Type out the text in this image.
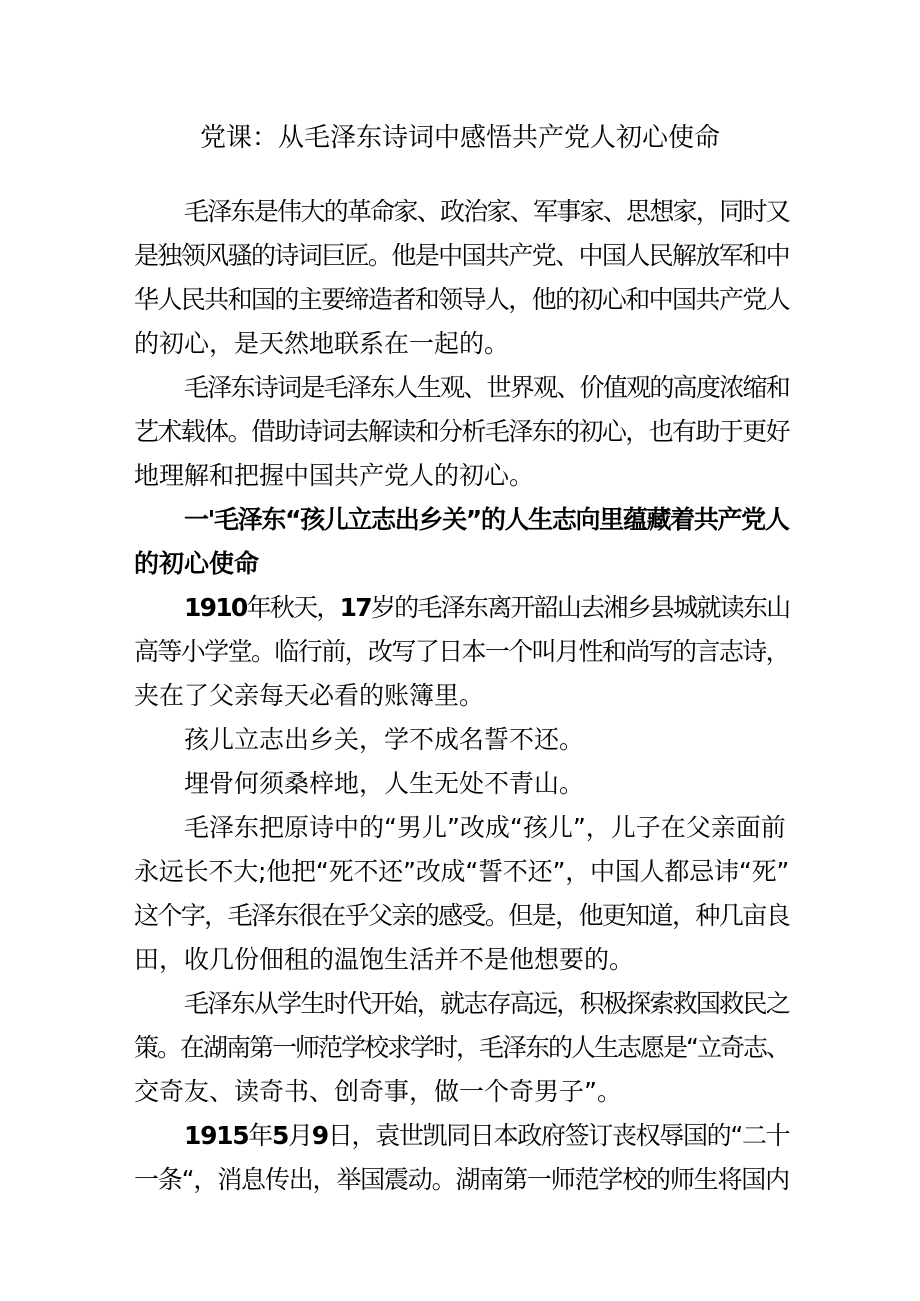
党课：从毛泽东诗词中感悟共产党人初心使命
毛泽东是伟大的革命家、政治家、军事家、思想家，同时又
是独领风骚的诗词巨匠。他是中国共产党、中国人民解放军和中
华人民共和国的主要缔造者和领导人，他的初心和中国共产党人
的初心，是天然地联系在一起的。
毛泽东诗词是毛泽东人生观、世界观、价值观的高度浓缩和
艺术载体。借助诗词去解读和分析毛泽东的初心，也有助于更好
地理解和把握中国共产党人的初心。
一'毛泽东“孩儿立志出乡关”的人生志向里蕴藏着共产党人
的初心使命
1910年秋天，17岁的毛泽东离开韶山去湘乡县城就读东山
高等小学堂。临行前，改写了日本一个叫月性和尚写的言志诗，
夹在了父亲每天必看的账簿里。
孩儿立志出乡关，学不成名誓不还。
埋骨何须桑梓地，人生无处不青山。
毛泽东把原诗中的“男儿”改成“孩儿”，儿子在父亲面前
永远长不大;他把“死不还”改成“誓不还”，中国人都忌讳“死”
这个字，毛泽东很在乎父亲的感受。但是，他更知道，种几亩良
田，收几份佃租的温饱生活并不是他想要的。
毛泽东从学生时代开始，就志存高远，积极探索救国救民之
策。在湖南第一师范学校求学时，毛泽东的人生志愿是“立奇志、
交奇友、读奇书、创奇事，做一个奇男子”。
1915年5月9日，袁世凯同日本政府签订丧权辱国的“二十
一条“，消息传出，举国震动。湖南第一师范学校的师生将国内
